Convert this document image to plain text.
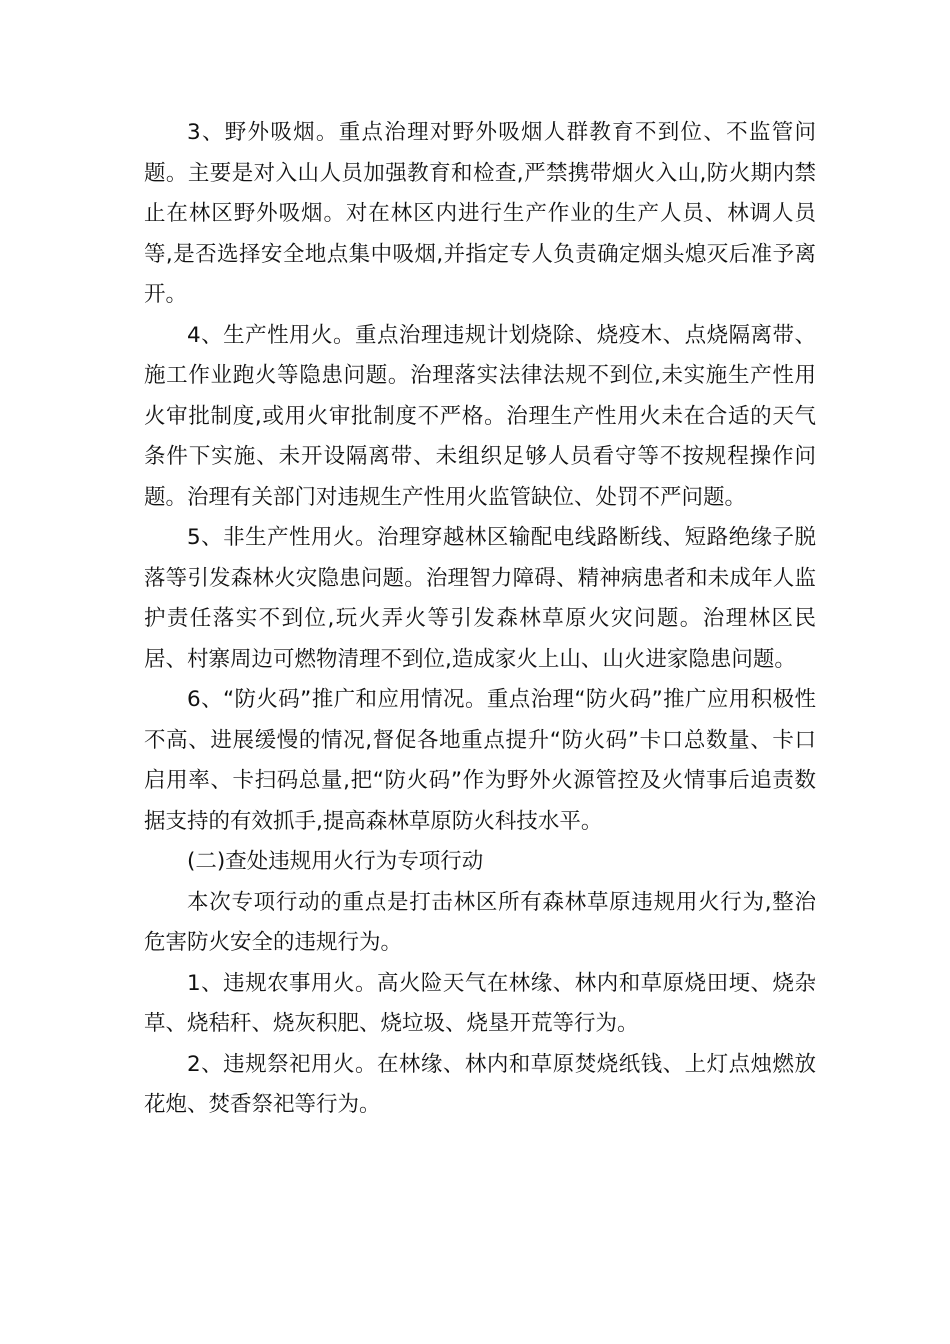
3、野外吸烟。重点治理对野外吸烟人群教育不到位、不监管问题。主要是对入山人员加强教育和检查,严禁携带烟火入山,防火期内禁止在林区野外吸烟。对在林区内进行生产作业的生产人员、林调人员等,是否选择安全地点集中吸烟,并指定专人负责确定烟头熄灭后准予离开。

4、生产性用火。重点治理违规计划烧除、烧疫木、点烧隔离带、施工作业跑火等隐患问题。治理落实法律法规不到位,未实施生产性用火审批制度,或用火审批制度不严格。治理生产性用火未在合适的天气条件下实施、未开设隔离带、未组织足够人员看守等不按规程操作问题。治理有关部门对违规生产性用火监管缺位、处罚不严问题。

5、非生产性用火。治理穿越林区输配电线路断线、短路绝缘子脱落等引发森林火灾隐患问题。治理智力障碍、精神病患者和未成年人监护责任落实不到位,玩火弄火等引发森林草原火灾问题。治理林区民居、村寨周边可燃物清理不到位,造成家火上山、山火进家隐患问题。

6、“防火码”推广和应用情况。重点治理“防火码”推广应用积极性不高、进展缓慢的情况,督促各地重点提升“防火码”卡口总数量、卡口启用率、卡扫码总量,把“防火码”作为野外火源管控及火情事后追责数据支持的有效抓手,提高森林草原防火科技水平。

(二)查处违规用火行为专项行动

本次专项行动的重点是打击林区所有森林草原违规用火行为,整治危害防火安全的违规行为。

1、违规农事用火。高火险天气在林缘、林内和草原烧田埂、烧杂草、烧秸秆、烧灰积肥、烧垃圾、烧垦开荒等行为。

2、违规祭祀用火。在林缘、林内和草原焚烧纸钱、上灯点烛燃放花炮、焚香祭祀等行为。
